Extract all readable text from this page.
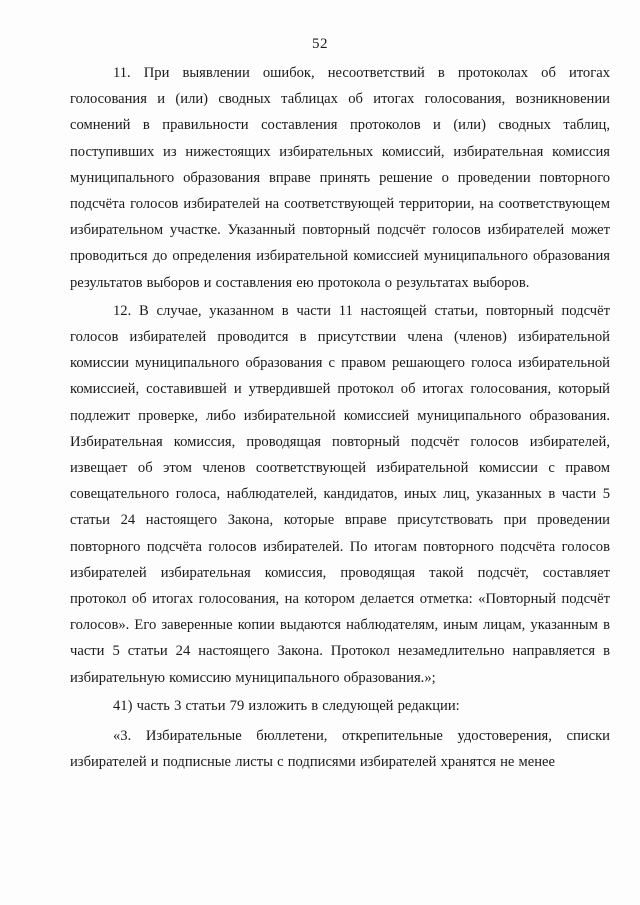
52

11. При выявлении ошибок, несоответствий в протоколах об итогах голосования и (или) сводных таблицах об итогах голосования, возникновении сомнений в правильности составления протоколов и (или) сводных таблиц, поступивших из нижестоящих избирательных комиссий, избирательная комиссия муниципального образования вправе принять решение о проведении повторного подсчёта голосов избирателей на соответствующей территории, на соответствующем избирательном участке. Указанный повторный подсчёт голосов избирателей может проводиться до определения избирательной комиссией муниципального образования результатов выборов и составления ею протокола о результатах выборов.

12. В случае, указанном в части 11 настоящей статьи, повторный подсчёт голосов избирателей проводится в присутствии члена (членов) избирательной комиссии муниципального образования с правом решающего голоса избирательной комиссией, составившей и утвердившей протокол об итогах голосования, который подлежит проверке, либо избирательной комиссией муниципального образования. Избирательная комиссия, проводящая повторный подсчёт голосов избирателей, извещает об этом членов соответствующей избирательной комиссии с правом совещательного голоса, наблюдателей, кандидатов, иных лиц, указанных в части 5 статьи 24 настоящего Закона, которые вправе присутствовать при проведении повторного подсчёта голосов избирателей. По итогам повторного подсчёта голосов избирателей избирательная комиссия, проводящая такой подсчёт, составляет протокол об итогах голосования, на котором делается отметка: «Повторный подсчёт голосов». Его заверенные копии выдаются наблюдателям, иным лицам, указанным в части 5 статьи 24 настоящего Закона. Протокол незамедлительно направляется в избирательную комиссию муниципального образования.»;

41) часть 3 статьи 79 изложить в следующей редакции:

«3. Избирательные бюллетени, открепительные удостоверения, списки избирателей и подписные листы с подписями избирателей хранятся не менее
